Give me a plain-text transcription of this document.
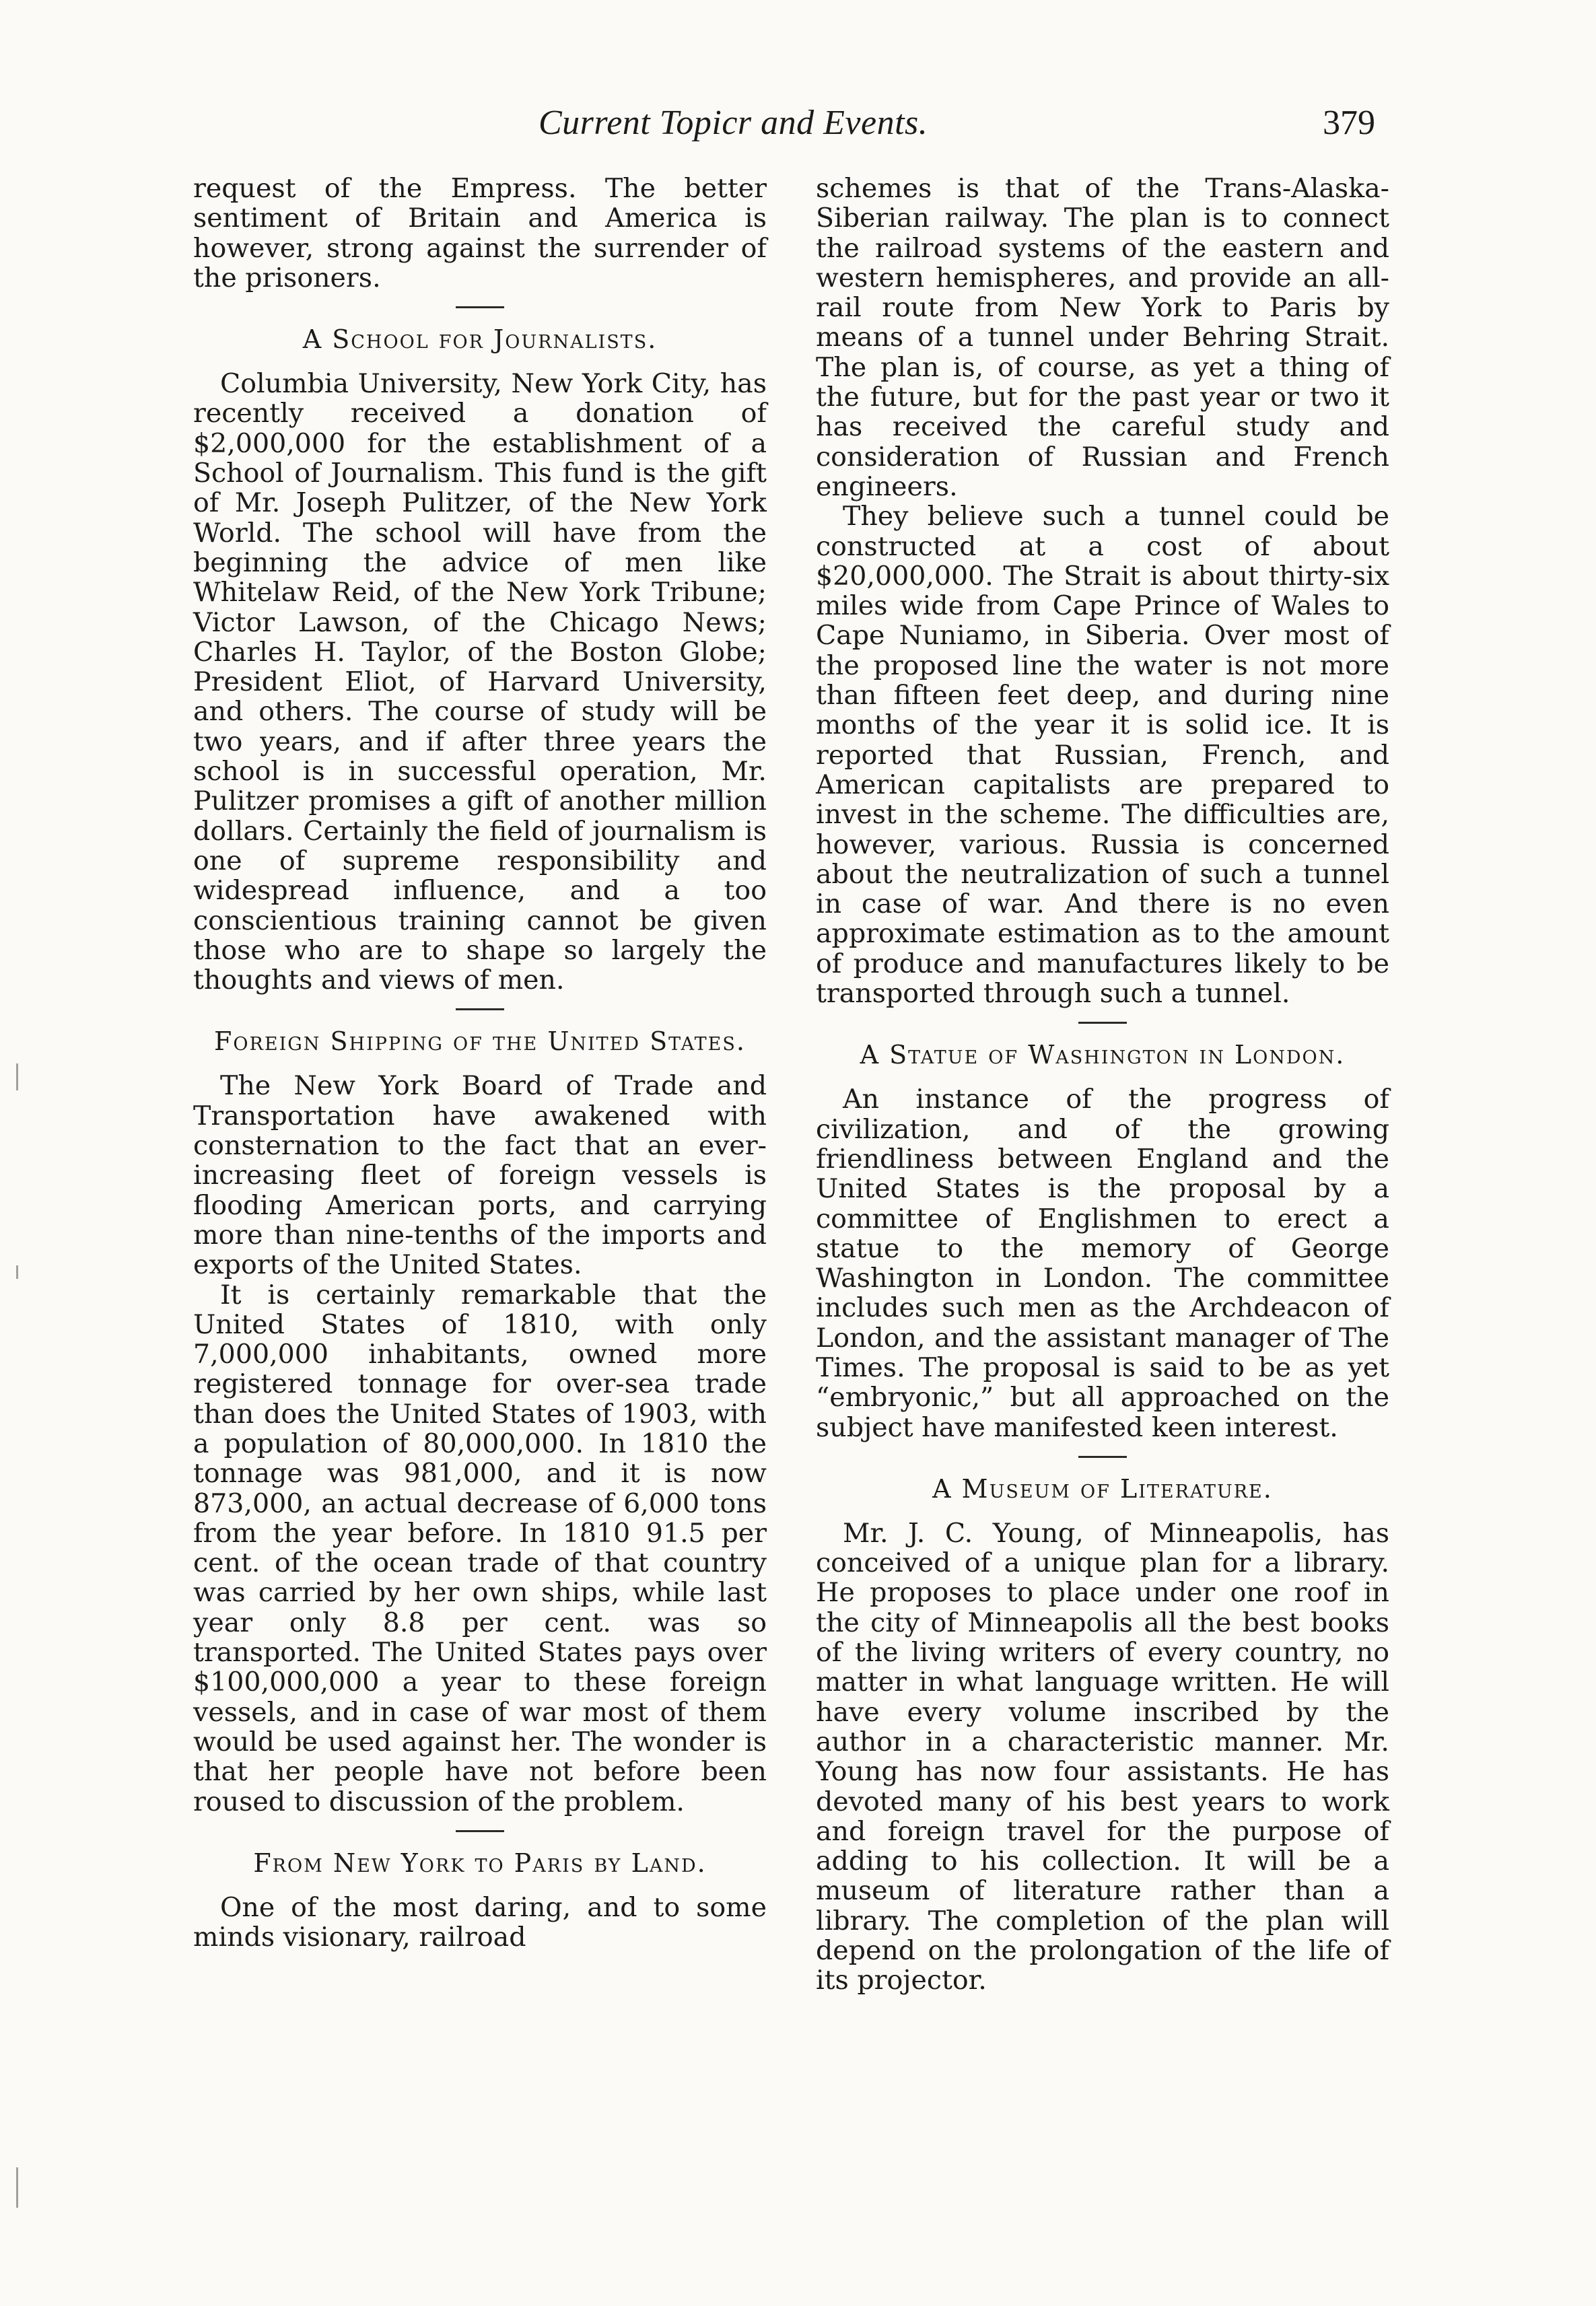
Current Topicr and Events.	379

request of the Empress. The better sentiment of Britain and America is however, strong against the surrender of the prisoners.

A School for Journalists.

Columbia University, New York City, has recently received a donation of $2,000,000 for the establishment of a School of Journalism. This fund is the gift of Mr. Joseph Pulitzer, of the New York World. The school will have from the beginning the advice of men like Whitelaw Reid, of the New York Tribune; Victor Lawson, of the Chicago News; Charles H. Taylor, of the Boston Globe; President Eliot, of Harvard University, and others. The course of study will be two years, and if after three years the school is in successful operation, Mr. Pulitzer promises a gift of another million dollars. Certainly the field of journalism is one of supreme responsibility and widespread influence, and a too conscientious training cannot be given those who are to shape so largely the thoughts and views of men.

Foreign Shipping of the United States.

The New York Board of Trade and Transportation have awakened with consternation to the fact that an ever-increasing fleet of foreign vessels is flooding American ports, and carrying more than nine-tenths of the imports and exports of the United States.

It is certainly remarkable that the United States of 1810, with only 7,000,000 inhabitants, owned more registered tonnage for over-sea trade than does the United States of 1903, with a population of 80,000,000. In 1810 the tonnage was 981,000, and it is now 873,000, an actual decrease of 6,000 tons from the year before. In 1810 91.5 per cent. of the ocean trade of that country was carried by her own ships, while last year only 8.8 per cent. was so transported. The United States pays over $100,000,000 a year to these foreign vessels, and in case of war most of them would be used against her. The wonder is that her people have not before been roused to discussion of the problem.

From New York to Paris by Land.

One of the most daring, and to some minds visionary, railroad

schemes is that of the Trans-Alaska-Siberian railway. The plan is to connect the railroad systems of the eastern and western hemispheres, and provide an all-rail route from New York to Paris by means of a tunnel under Behring Strait. The plan is, of course, as yet a thing of the future, but for the past year or two it has received the careful study and consideration of Russian and French engineers.

They believe such a tunnel could be constructed at a cost of about $20,000,000. The Strait is about thirty-six miles wide from Cape Prince of Wales to Cape Nuniamo, in Siberia. Over most of the proposed line the water is not more than fifteen feet deep, and during nine months of the year it is solid ice. It is reported that Russian, French, and American capitalists are prepared to invest in the scheme. The difficulties are, however, various. Russia is concerned about the neutralization of such a tunnel in case of war. And there is no even approximate estimation as to the amount of produce and manufactures likely to be transported through such a tunnel.

A Statue of Washington in London.

An instance of the progress of civilization, and of the growing friendliness between England and the United States is the proposal by a committee of Englishmen to erect a statue to the memory of George Washington in London. The committee includes such men as the Archdeacon of London, and the assistant manager of The Times. The proposal is said to be as yet “embryonic,” but all approached on the subject have manifested keen interest.

A Museum of Literature.

Mr. J. C. Young, of Minneapolis, has conceived of a unique plan for a library. He proposes to place under one roof in the city of Minneapolis all the best books of the living writers of every country, no matter in what language written. He will have every volume inscribed by the author in a characteristic manner. Mr. Young has now four assistants. He has devoted many of his best years to work and foreign travel for the purpose of adding to his collection. It will be a museum of literature rather than a library. The completion of the plan will depend on the prolongation of the life of its projector.
